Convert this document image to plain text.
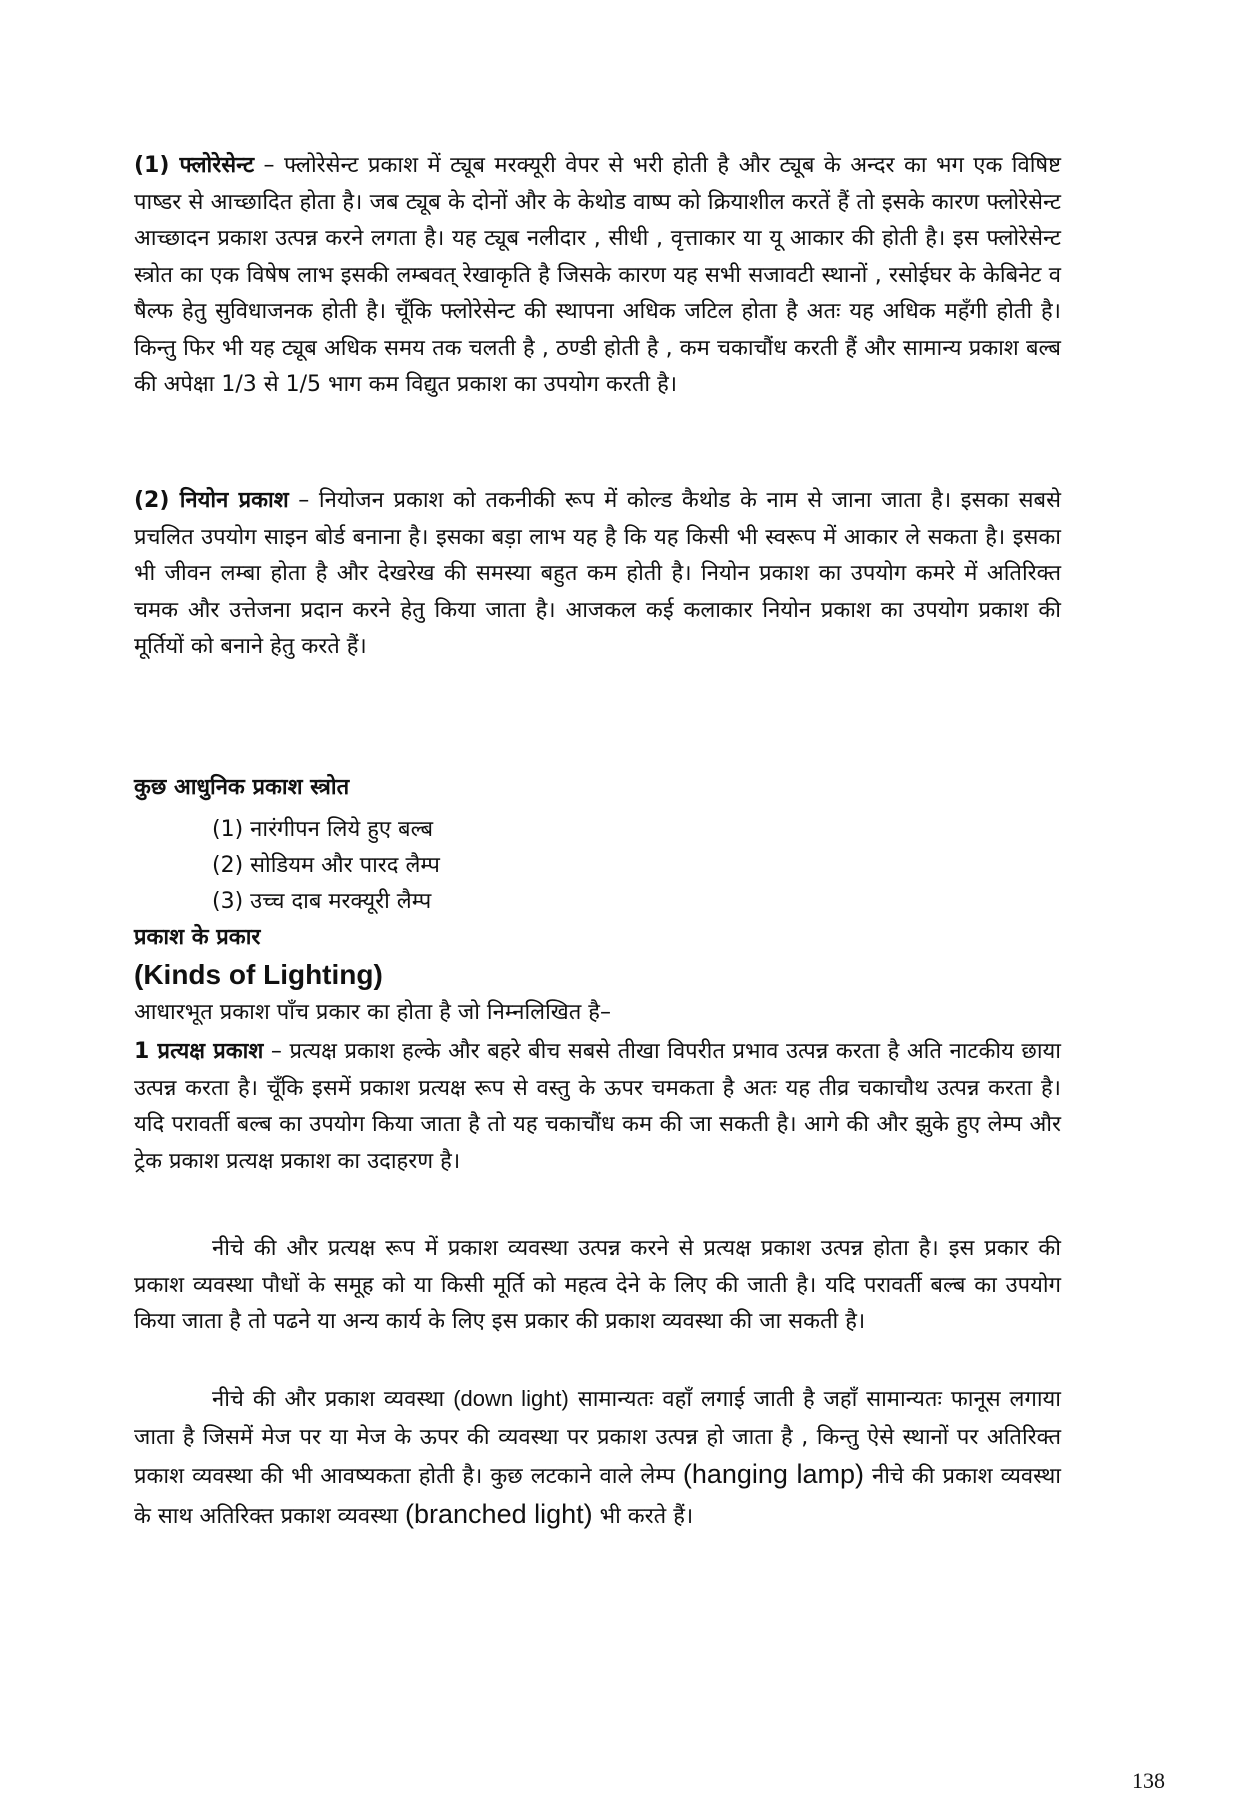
(1) फ्लोरेसेन्ट – फ्लोरेसेन्ट प्रकाश में ट्यूब मरक्यूरी वेपर से भरी होती है और ट्यूब के अन्दर का भग एक विषिष्ट पाष्डर से आच्छादित होता है। जब ट्यूब के दोनों और के केथोड वाष्प को क्रियाशील करतें हैं तो इसके कारण फ्लोरेसेन्ट आच्छादन प्रकाश उत्पन्न करने लगता है। यह ट्यूब नलीदार , सीधी , वृत्ताकार या यू आकार की होती है। इस फ्लोरेसेन्ट स्त्रोत का एक विषेष लाभ इसकी लम्बवत् रेखाकृति है जिसके कारण यह सभी सजावटी स्थानों , रसोईघर के केबिनेट व षैल्फ हेतु सुविधाजनक होती है। चूँकि फ्लोरेसेन्ट की स्थापना अधिक जटिल होता है अतः यह अधिक महँगी होती है। किन्तु फिर भी यह ट्यूब अधिक समय तक चलती है , ठण्डी होती है , कम चकाचौंध करती हैं और सामान्य प्रकाश बल्ब की अपेक्षा 1/3 से 1/5 भाग कम विद्युत प्रकाश का उपयोग करती है।

(2) नियोन प्रकाश – नियोजन प्रकाश को तकनीकी रूप में कोल्ड कैथोड के नाम से जाना जाता है। इसका सबसे प्रचलित उपयोग साइन बोर्ड बनाना है। इसका बड़ा लाभ यह है कि यह किसी भी स्वरूप में आकार ले सकता है। इसका भी जीवन लम्बा होता है और देखरेख की समस्या बहुत कम होती है। नियोन प्रकाश का उपयोग कमरे में अतिरिक्त चमक और उत्तेजना प्रदान करने हेतु किया जाता है। आजकल कई कलाकार नियोन प्रकाश का उपयोग प्रकाश की मूर्तियों को बनाने हेतु करते हैं।

कुछ आधुनिक प्रकाश स्त्रोत
(1) नारंगीपन लिये हुए बल्ब
(2) सोडियम और पारद लैम्प
(3) उच्च दाब मरक्यूरी लैम्प
प्रकाश के प्रकार
(Kinds of Lighting)

आधारभूत प्रकाश पाँच प्रकार का होता है जो निम्नलिखित है–

1 प्रत्यक्ष प्रकाश – प्रत्यक्ष प्रकाश हल्के और बहरे बीच सबसे तीखा विपरीत प्रभाव उत्पन्न करता है अति नाटकीय छाया उत्पन्न करता है। चूँकि इसमें प्रकाश प्रत्यक्ष रूप से वस्तु के ऊपर चमकता है अतः यह तीव्र चकाचौथ उत्पन्न करता है। यदि परावर्ती बल्ब का उपयोग किया जाता है तो यह चकाचौंध कम की जा सकती है। आगे की और झुके हुए लेम्प और ट्रेक प्रकाश प्रत्यक्ष प्रकाश का उदाहरण है।

नीचे की और प्रत्यक्ष रूप में प्रकाश व्यवस्था उत्पन्न करने से प्रत्यक्ष प्रकाश उत्पन्न होता है। इस प्रकार की प्रकाश व्यवस्था पौधों के समूह को या किसी मूर्ति को महत्व देने के लिए की जाती है। यदि परावर्ती बल्ब का उपयोग किया जाता है तो पढने या अन्य कार्य के लिए इस प्रकार की प्रकाश व्यवस्था की जा सकती है।

नीचे की और प्रकाश व्यवस्था (down light) सामान्यतः वहाँ लगाई जाती है जहाँ सामान्यतः फानूस लगाया जाता है जिसमें मेज पर या मेज के ऊपर की व्यवस्था पर प्रकाश उत्पन्न हो जाता है , किन्तु ऐसे स्थानों पर अतिरिक्त प्रकाश व्यवस्था की भी आवष्यकता होती है। कुछ लटकाने वाले लेम्प (hanging lamp) नीचे की प्रकाश व्यवस्था के साथ अतिरिक्त प्रकाश व्यवस्था (branched light) भी करते हैं।

138
